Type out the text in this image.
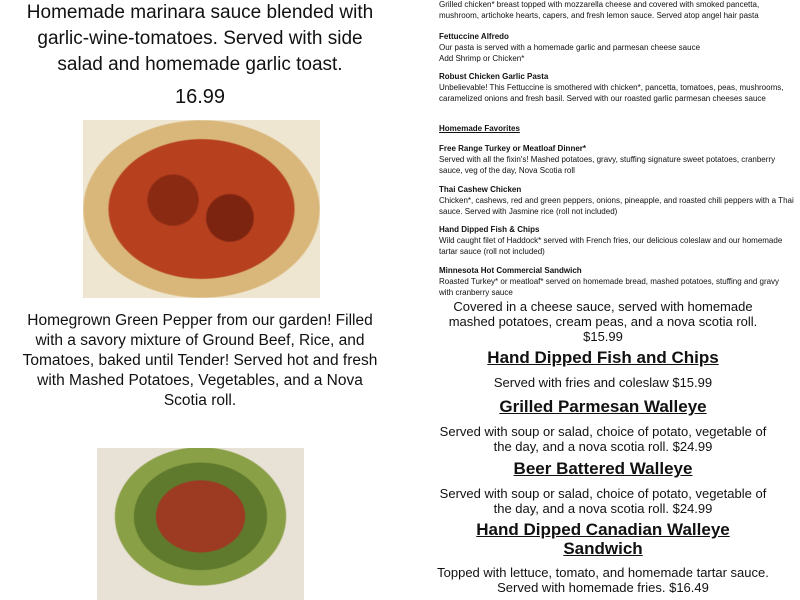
Homemade marinara sauce blended with garlic-wine-tomatoes. Served with side salad and homemade garlic toast.
16.99
Homegrown Green Pepper from our garden! Filled with a savory mixture of Ground Beef, Rice, and Tomatoes, baked until Tender! Served hot and fresh with Mashed Potatoes, Vegetables, and a Nova Scotia roll.
Grilled chicken* breast topped with mozzarella cheese and covered with smoked pancetta, mushroom, artichoke hearts, capers, and fresh lemon sauce. Served atop angel hair pasta
Fettuccine Alfredo
Our pasta is served with a homemade garlic and parmesan cheese sauce
Add Shrimp or Chicken*
Robust Chicken Garlic Pasta
Unbelievable! This Fettuccine is smothered with chicken*, pancetta, tomatoes, peas, mushrooms, caramelized onions and fresh basil. Served with our roasted garlic parmesan cheeses sauce
Homemade Favorites
Free Range Turkey or Meatloaf Dinner*
Served with all the fixin's! Mashed potatoes, gravy, stuffing signature sweet potatoes, cranberry sauce, veg of the day, Nova Scotia roll
Thai Cashew Chicken
Chicken*, cashews, red and green peppers, onions, pineapple, and roasted chili peppers with a Thai sauce. Served with Jasmine rice (roll not included)
Hand Dipped Fish & Chips
Wild caught filet of Haddock* served with French fries, our delicious coleslaw and our homemade tartar sauce (roll not included)
Minnesota Hot Commercial Sandwich
Roasted Turkey* or meatloaf* served on homemade bread, mashed potatoes, stuffing and gravy with cranberry sauce
Covered in a cheese sauce, served with homemade mashed potatoes, cream peas, and a nova scotia roll. $15.99
Hand Dipped Fish and Chips
Served with fries and coleslaw $15.99
Grilled Parmesan Walleye
Served with soup or salad, choice of potato, vegetable of the day, and a nova scotia roll. $24.99
Beer Battered Walleye
Served with soup or salad, choice of potato, vegetable of the day, and a nova scotia roll. $24.99
Hand Dipped Canadian Walleye Sandwich
Topped with lettuce, tomato, and homemade tartar sauce. Served with homemade fries. $16.49
